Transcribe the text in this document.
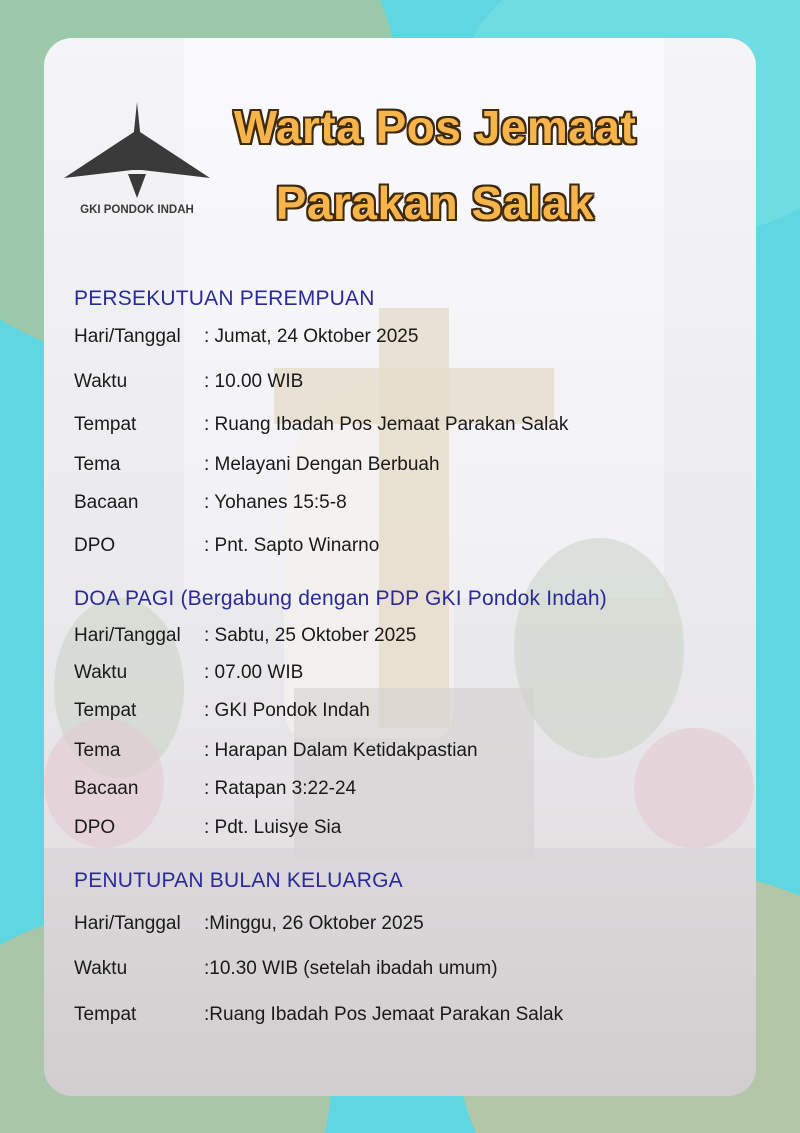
GKI PONDOK INDAH
Warta Pos Jemaat
Parakan Salak
PERSEKUTUAN PEREMPUAN
Hari/Tanggal : Jumat, 24 Oktober 2025
Waktu	: 10.00 WIB
Tempat	: Ruang Ibadah Pos Jemaat Parakan Salak
Tema	: Melayani Dengan Berbuah
Bacaan	: Yohanes 15:5-8
DPO	: Pnt. Sapto Winarno
DOA PAGI (Bergabung dengan PDP GKI Pondok Indah)
Hari/Tanggal : Sabtu, 25 Oktober 2025
Waktu	: 07.00 WIB
Tempat	: GKI Pondok Indah
Tema	: Harapan Dalam Ketidakpastian
Bacaan	: Ratapan 3:22-24
DPO	: Pdt. Luisye Sia
PENUTUPAN BULAN KELUARGA
Hari/Tanggal :Minggu, 26 Oktober 2025
Waktu	:10.30 WIB (setelah ibadah umum)
Tempat	:Ruang Ibadah Pos Jemaat Parakan Salak
